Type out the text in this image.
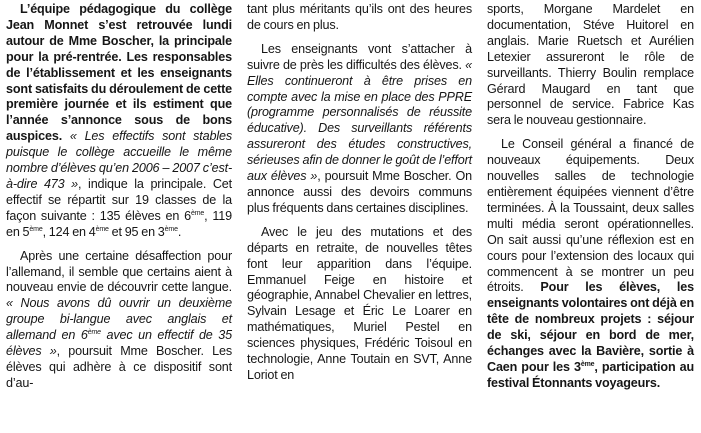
L’équipe pédagogique du collège Jean Monnet s’est retrouvée lundi autour de Mme Boscher, la principale pour la pré-rentrée. Les responsables de l’établissement et les enseignants sont satisfaits du déroulement de cette première journée et ils estiment que l’année s’annonce sous de bons auspices. « Les effectifs sont stables puisque le collège accueille le même nombre d’élèves qu’en 2006 – 2007 c’est-à-dire 473 », indique la principale. Cet effectif se répartit sur 19 classes de la façon suivante : 135 élèves en 6ème, 119 en 5ème, 124 en 4ème et 95 en 3ème.

Après une certaine désaffection pour l’allemand, il semble que certains aient à nouveau envie de découvrir cette langue. « Nous avons dû ouvrir un deuxième groupe bi-langue avec anglais et allemand en 6ème avec un effectif de 35 élèves », poursuit Mme Boscher. Les élèves qui adhère à ce dispositif sont d’au-

tant plus méritants qu’ils ont des heures de cours en plus.

Les enseignants vont s’attacher à suivre de près les difficultés des élèves. « Elles continueront à être prises en compte avec la mise en place des PPRE (programme personnalisés de réussite éducative). Des surveillants référents assureront des études constructives, sérieuses afin de donner le goût de l’effort aux élèves », poursuit Mme Boscher. On annonce aussi des devoirs communs plus fréquents dans certaines disciplines.

Avec le jeu des mutations et des départs en retraite, de nouvelles têtes font leur apparition dans l’équipe. Emmanuel Feige en histoire et géographie, Annabel Chevalier en lettres, Sylvain Lesage et Éric Le Loarer en mathématiques, Muriel Pestel en sciences physiques, Frédéric Toisoul en technologie, Anne Toutain en SVT, Anne Loriot en

sports, Morgane Mardelet en documentation, Stéve Huitorel en anglais. Marie Ruetsch et Aurélien Letexier assureront le rôle de surveillants. Thierry Boulin remplace Gérard Maugard en tant que personnel de service. Fabrice Kas sera le nouveau gestionnaire.

Le Conseil général a financé de nouveaux équipements. Deux nouvelles salles de technologie entièrement équipées viennent d’être terminées. À la Toussaint, deux salles multi média seront opérationnelles. On sait aussi qu’une réflexion est en cours pour l’extension des locaux qui commencent à se montrer un peu étroits. Pour les élèves, les enseignants volontaires ont déjà en tête de nombreux projets : séjour de ski, séjour en bord de mer, échanges avec la Bavière, sortie à Caen pour les 3ème, participation au festival Étonnants voyageurs.
